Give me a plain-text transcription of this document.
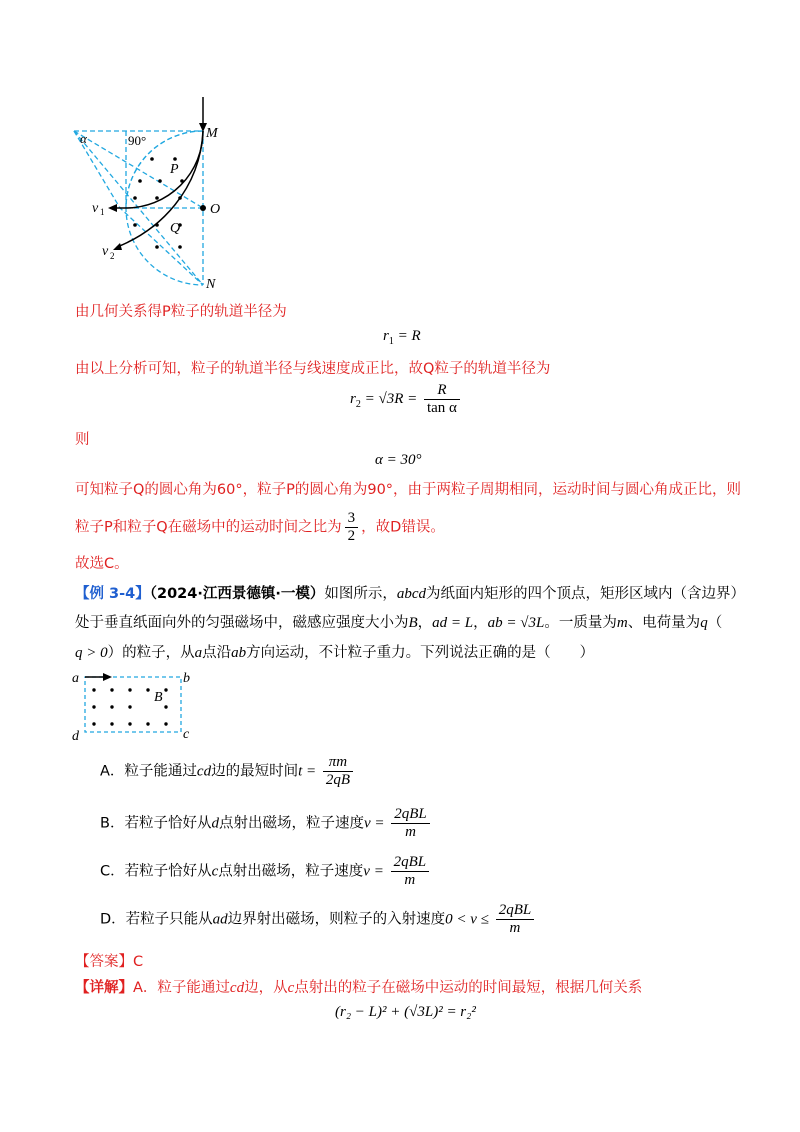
α	90°	M
P
O
Q
N
v 1
v 2
由几何关系得P粒子的轨道半径为
$r_1 = R$
由以上分析可知，粒子的轨道半径与线速度成正比，故Q粒子的轨道半径为
$r_2 = √3R = \frac{R}{\text{tan α}}$
则
α = 30°
可知粒子Q的圆心角为60°，粒子P的圆心角为90°，由于两粒子周期相同，运动时间与圆心角成正比，则
粒子P和粒子Q在磁场中的运动时间之比为 $\frac{3}{2}$ ，故D错误。
故选C。
【例 3-4】（2024·江西景德镇·一模）如图所示，abcd为纸面内矩形的四个顶点，矩形区域内（含边界）
处于垂直纸面向外的匀强磁场中，磁感应强度大小为B，ad = L，ab = √3L。一质量为m、电荷量为q（
q > 0）的粒子，从a点沿ab方向运动，不计粒子重力。下列说法正确的是（　　）
a	b
c
d
B
A．粒子能通过cd边的最短时间$t = \frac{\pi m}{2qB}$
B．若粒子恰好从d点射出磁场，粒子速度$v = \frac{\text{2qBL}}{m}$
C．若粒子恰好从c点射出磁场，粒子速度$v = \frac{\text{2qBL}}{m}$
D．若粒子只能从ad边界射出磁场，则粒子的入射速度$0 < v \le \frac{\text{2qBL}}{m}$
【答案】C
【详解】A．粒子能通过cd边，从c点射出的粒子在磁场中运动的时间最短，根据几何关系
(r₂ − L)² + (√3L)² = r₂²
